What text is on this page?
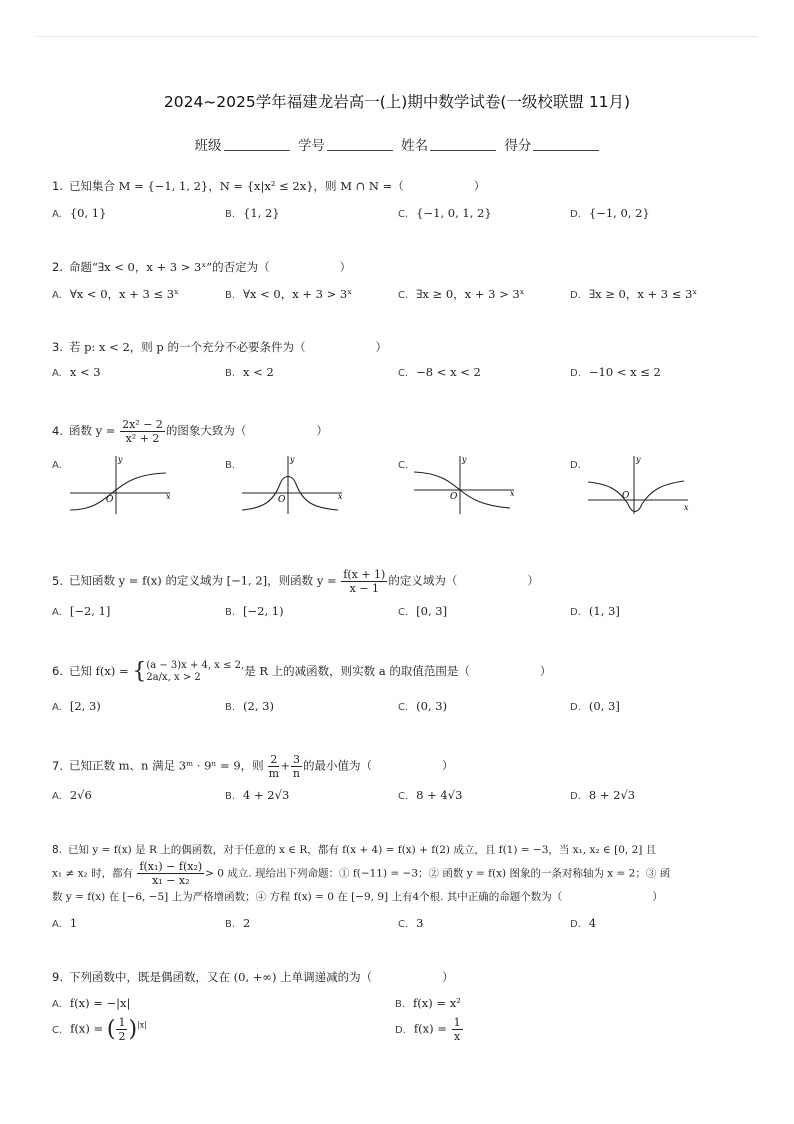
2024~2025学年福建龙岩高一(上)期中数学试卷(一级校联盟 11月)
班级	学号	姓名	得分
1. 已知集合 M = {−1, 1, 2}，N = {x|x² ≤ 2x}，则 M ∩ N =（	）
A. {0, 1}	B. {1, 2}	C. {−1, 0, 1, 2}	D. {−1, 0, 2}
2. 命题“∃x < 0，x + 3 > 3ˣ”的否定为（	）
A. ∀x < 0，x + 3 ≤ 3ˣ	B. ∀x < 0，x + 3 > 3ˣ	C. ∃x ≥ 0，x + 3 > 3ˣ	D. ∃x ≥ 0，x + 3 ≤ 3ˣ
3. 若 p: x < 2，则 p 的一个充分不必要条件为（	）
A. x < 3	B. x < 2	C. −8 < x < 2	D. −10 < x ≤ 2
4. 函数 $y = \frac{\text{2x² − 2}}{\text{x² + 2}}$ 的图象大致为（	）
A.
x
y
O
B.
x
y
O
C.
x
y
O
D.
x
y
O
5. 已知函数 y = f(x) 的定义域为 [−1, 2]，则函数 $y = \frac{f(x + 1)}{x - 1}$ 的定义域为（	）
A. [−2, 1]	B. [−2, 1)	C. [0, 3]	D. (1, 3]
6. 已知 f(x) = { (a − 3)x + 4, x ≤ 2,
2a/x, x > 2	是 R 上的减函数，则实数 a 的取值范围是（	）
A. [2, 3)	B. (2, 3)	C. (0, 3)	D. (0, 3]
7. 已知正数 m、n 满足 3ᵐ · 9ⁿ = 9，则 $\frac{2}{m} + \frac{3}{n}$ 的最小值为（	）
A. 2√6	B. 4 + 2√3	C. 8 + 4√3	D. 8 + 2√3
8. 已知 y = f(x) 是 R 上的偶函数，对于任意的 x ∈ R，都有 f(x + 4) = f(x) + f(2) 成立，且 f(1) = −3，当 x₁, x₂ ∈ [0, 2] 且
x₁ ≠ x₂ 时，都有 $\frac{\text{f(x₁) − f(x₂)}}{\text{x₁ − x₂}} > 0$ 成立. 现给出下列命题：① f(−11) = −3；② 函数 y = f(x) 图象的一条对称轴为 x = 2；③ 函
数 y = f(x) 在 [−6, −5] 上为严格增函数；④ 方程 f(x) = 0 在 [−9, 9] 上有4个根. 其中正确的命题个数为（	）
A. 1	B. 2	C. 3	D. 4
9. 下列函数中，既是偶函数，又在 (0, +∞) 上单调递减的为（	）
A. f(x) = −|x|	B. f(x) = x²
C. f(x) = ( $\frac{1}{2} )^{|x|}$	D. $f(x) = \frac{1}{x}$
